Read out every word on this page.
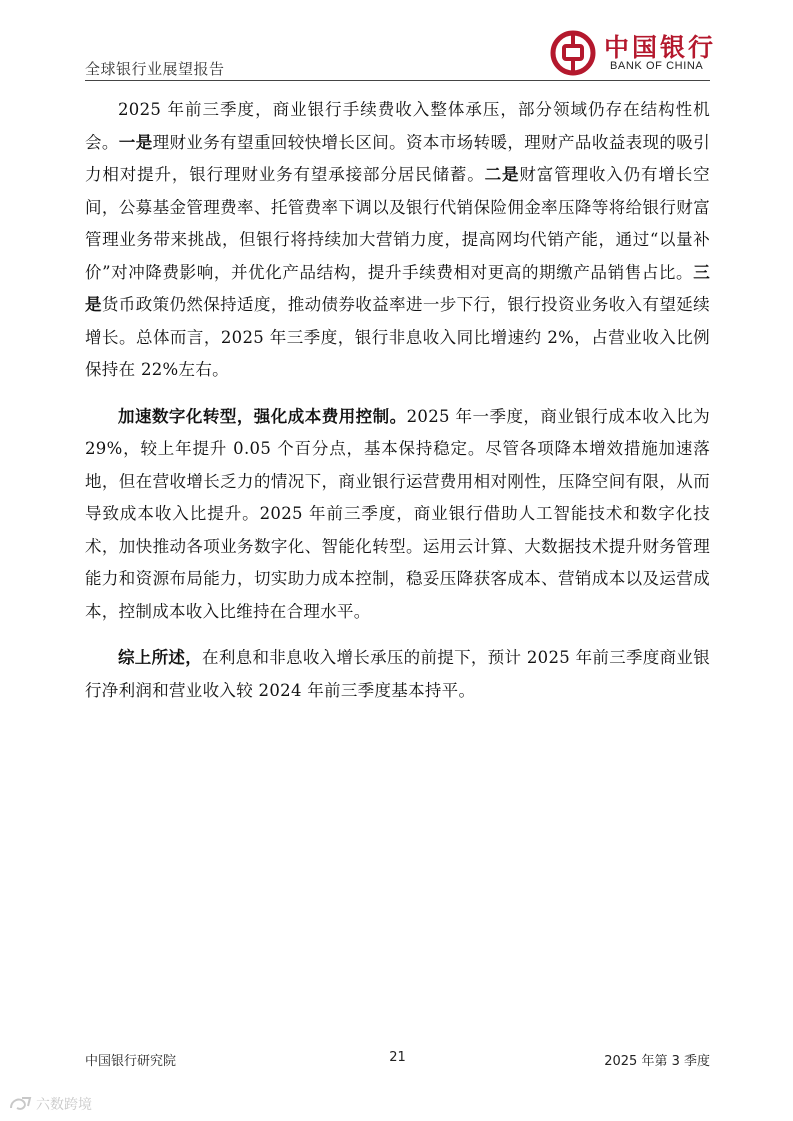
全球银行业展望报告
中国银行
BANK OF CHINA

2025 年前三季度，商业银行手续费收入整体承压，部分领域仍存在结构性机会。一是理财业务有望重回较快增长区间。资本市场转暖，理财产品收益表现的吸引力相对提升，银行理财业务有望承接部分居民储蓄。二是财富管理收入仍有增长空间，公募基金管理费率、托管费率下调以及银行代销保险佣金率压降等将给银行财富管理业务带来挑战，但银行将持续加大营销力度，提高网均代销产能，通过“以量补价”对冲降费影响，并优化产品结构，提升手续费相对更高的期缴产品销售占比。三是货币政策仍然保持适度，推动债券收益率进一步下行，银行投资业务收入有望延续增长。总体而言，2025 年三季度，银行非息收入同比增速约 2%，占营业收入比例保持在 22%左右。

加速数字化转型，强化成本费用控制。2025 年一季度，商业银行成本收入比为 29%，较上年提升 0.05 个百分点，基本保持稳定。尽管各项降本增效措施加速落地，但在营收增长乏力的情况下，商业银行运营费用相对刚性，压降空间有限，从而导致成本收入比提升。2025 年前三季度，商业银行借助人工智能技术和数字化技术，加快推动各项业务数字化、智能化转型。运用云计算、大数据技术提升财务管理能力和资源布局能力，切实助力成本控制，稳妥压降获客成本、营销成本以及运营成本，控制成本收入比维持在合理水平。

综上所述，在利息和非息收入增长承压的前提下，预计 2025 年前三季度商业银行净利润和营业收入较 2024 年前三季度基本持平。

中国银行研究院	21	2025 年第 3 季度
六数跨境
